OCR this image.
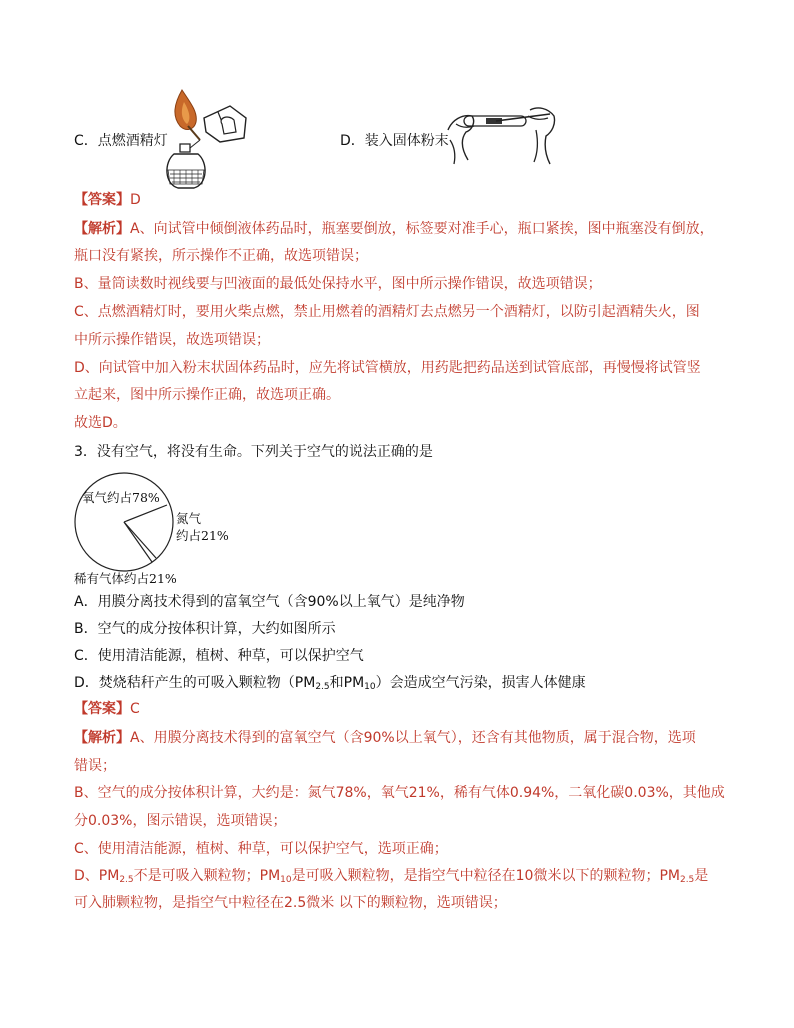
C．点燃酒精灯	D．装入固体粉末
【答案】D
【解析】A、向试管中倾倒液体药品时，瓶塞要倒放，标签要对准手心，瓶口紧挨，图中瓶塞没有倒放，
瓶口没有紧挨，所示操作不正确，故选项错误；
B、量筒读数时视线要与凹液面的最低处保持水平，图中所示操作错误，故选项错误；
C、点燃酒精灯时，要用火柴点燃，禁止用燃着的酒精灯去点燃另一个酒精灯，以防引起酒精失火，图
中所示操作错误，故选项错误；
D、向试管中加入粉末状固体药品时，应先将试管横放，用药匙把药品送到试管底部，再慢慢将试管竖
立起来，图中所示操作正确，故选项正确。
故选D。
3．没有空气，将没有生命。下列关于空气的说法正确的是
氧气约占78%
氮气
约占21%
稀有气体约占21%
A．用膜分离技术得到的富氧空气（含90%以上氧气）是纯净物
B．空气的成分按体积计算，大约如图所示
C．使用清洁能源，植树、种草，可以保护空气
D．焚烧秸秆产生的可吸入颗粒物（$PM_{2.5}$和$PM_{10}$）会造成空气污染，损害人体健康
【答案】C
【解析】A、用膜分离技术得到的富氧空气（含90%以上氧气），还含有其他物质，属于混合物，选项
错误；
B、空气的成分按体积计算，大约是：氮气78%，氧气21%，稀有气体0.94%，二氧化碳0.03%，其他成
分0.03%，图示错误，选项错误；
C、使用清洁能源，植树、种草，可以保护空气，选项正确；
D、$PM_{2.5}$不是可吸入颗粒物；$PM_{10}$是可吸入颗粒物，是指空气中粒径在10微米以下的颗粒物；$PM_{2.5}$是
可入肺颗粒物，是指空气中粒径在2.5微米 以下的颗粒物，选项错误；
